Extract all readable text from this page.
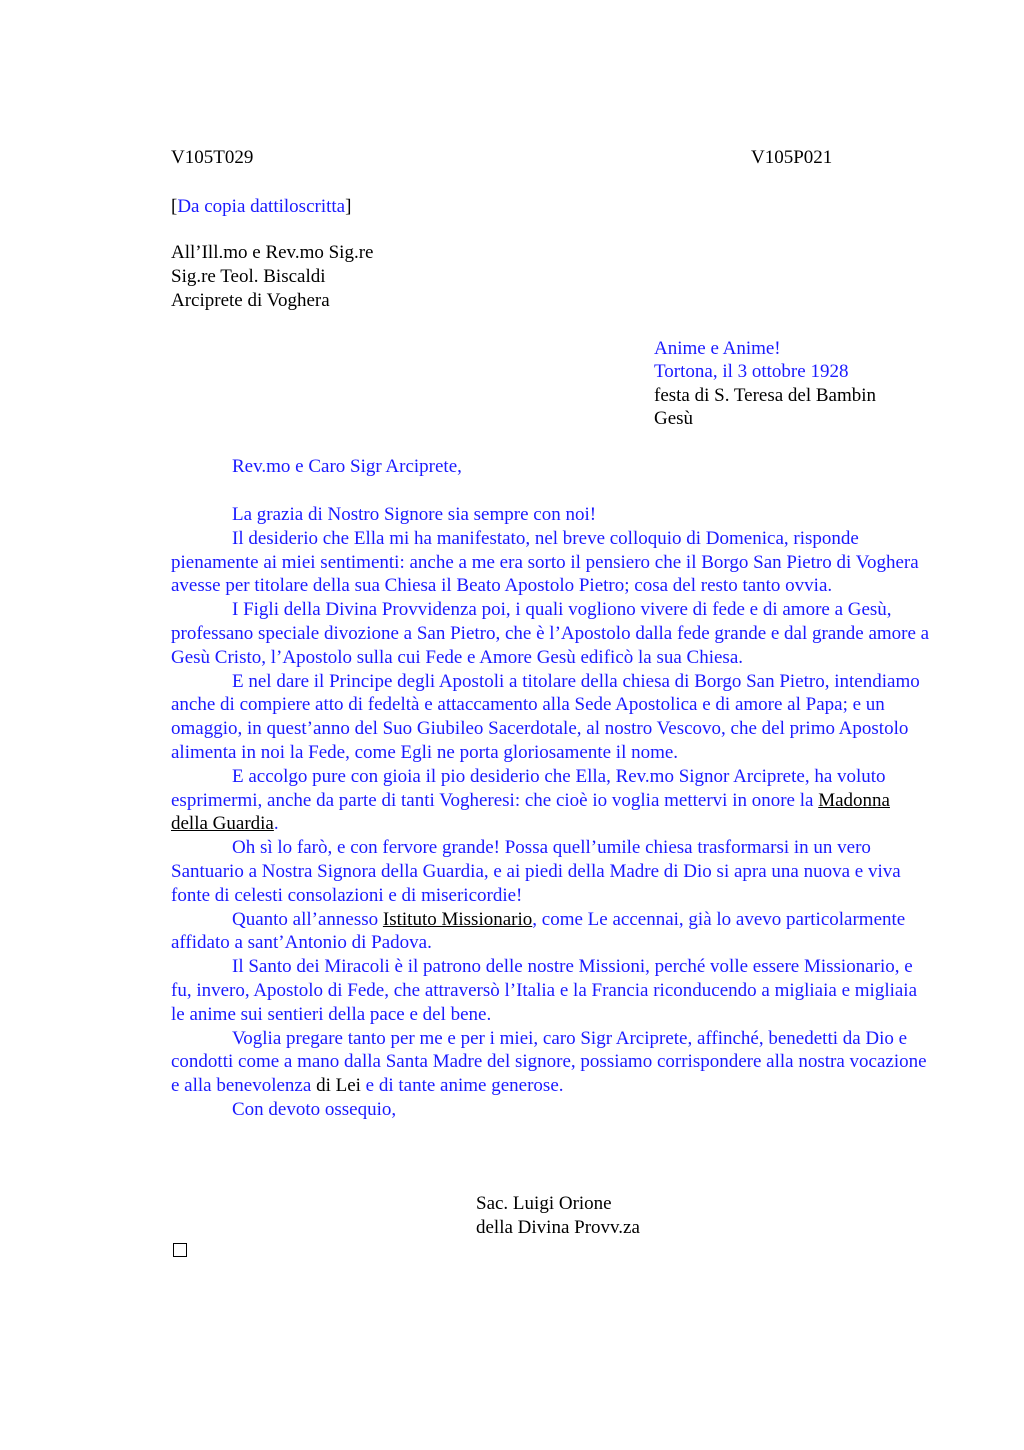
V105T029	V105P021
[Da copia dattiloscritta]
All’Ill.mo e Rev.mo Sig.re
Sig.re Teol. Biscaldi
Arciprete di Voghera
Anime e Anime!
Tortona, il 3 ottobre 1928
festa di S. Teresa del Bambin
Gesù
Rev.mo e Caro Sigr Arciprete,

La grazia di Nostro Signore sia sempre con noi!

Il desiderio che Ella mi ha manifestato, nel breve colloquio di Domenica, risponde pienamente ai miei sentimenti: anche a me era sorto il pensiero che il Borgo San Pietro di Voghera avesse per titolare della sua Chiesa il Beato Apostolo Pietro; cosa del resto tanto ovvia.

I Figli della Divina Provvidenza poi, i quali vogliono vivere di fede e di amore a Gesù, professano speciale divozione a San Pietro, che è l’Apostolo dalla fede grande e dal grande amore a Gesù Cristo, l’Apostolo sulla cui Fede e Amore Gesù edificò la sua Chiesa.

E nel dare il Principe degli Apostoli a titolare della chiesa di Borgo San Pietro, intendiamo anche di compiere atto di fedeltà e attaccamento alla Sede Apostolica e di amore al Papa; e un omaggio, in quest’anno del Suo Giubileo Sacerdotale, al nostro Vescovo, che del primo Apostolo alimenta in noi la Fede, come Egli ne porta gloriosamente il nome.

E accolgo pure con gioia il pio desiderio che Ella, Rev.mo Signor Arciprete, ha voluto esprimermi, anche da parte di tanti Vogheresi: che cioè io voglia mettervi in onore la Madonna della Guardia.

Oh sì lo farò, e con fervore grande! Possa quell’umile chiesa trasformarsi in un vero Santuario a Nostra Signora della Guardia, e ai piedi della Madre di Dio si apra una nuova e viva fonte di celesti consolazioni e di misericordie!

Quanto all’annesso Istituto Missionario, come Le accennai, già lo avevo particolarmente affidato a sant’Antonio di Padova.

Il Santo dei Miracoli è il patrono delle nostre Missioni, perché volle essere Missionario, e fu, invero, Apostolo di Fede, che attraversò l’Italia e la Francia riconducendo a migliaia e migliaia le anime sui sentieri della pace e del bene.

Voglia pregare tanto per me e per i miei, caro Sigr Arciprete, affinché, benedetti da Dio e condotti come a mano dalla Santa Madre del signore, possiamo corrispondere alla nostra vocazione e alla benevolenza di Lei e di tante anime generose.

Con devoto ossequio,

Sac. Luigi Orione
della Divina Provv.za
